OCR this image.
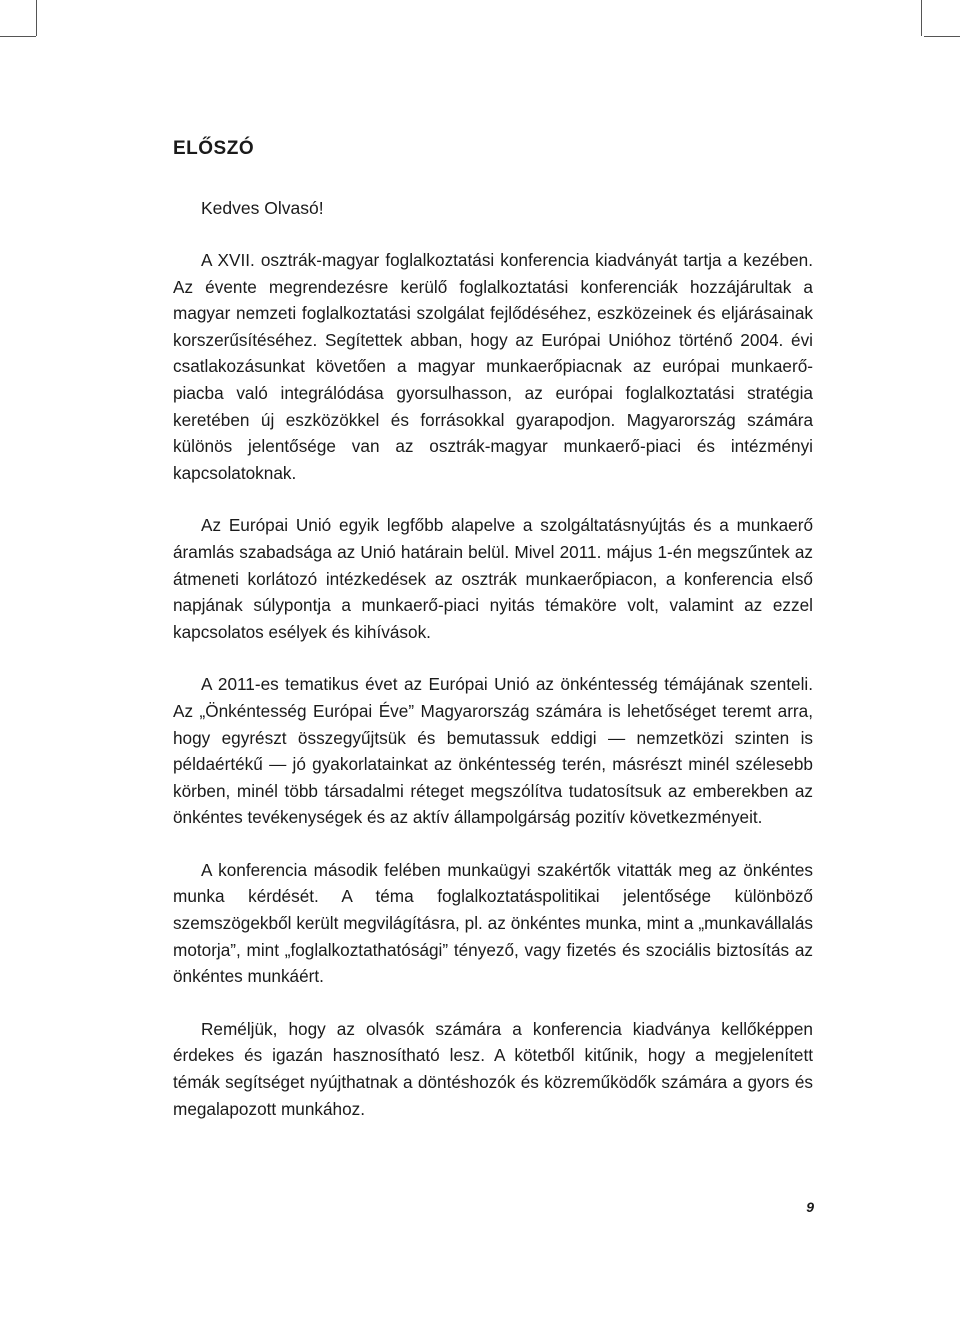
ELŐSZÓ

Kedves Olvasó!

A XVII. osztrák-magyar foglalkoztatási konferencia kiadványát tartja a kezében. Az évente megrendezésre kerülő foglalkoztatási konferenciák hozzájárultak a magyar nemzeti foglalkoztatási szolgálat fejlődéséhez, eszközeinek és eljárásainak korszerűsítéséhez. Segítettek abban, hogy az Európai Unióhoz történő 2004. évi csatlakozásunkat követően a magyar munkaerőpiacnak az európai munkaerő-piacba való integrálódása gyorsulhasson, az európai foglalkoztatási stratégia keretében új eszközökkel és forrásokkal gyarapodjon. Magyarország számára különös jelentősége van az osztrák-magyar munkaerő-piaci és intézményi kapcsolatoknak.

Az Európai Unió egyik legfőbb alapelve a szolgáltatásnyújtás és a munkaerő áramlás szabadsága az Unió határain belül. Mivel 2011. május 1-én megszűntek az átmeneti korlátozó intézkedések az osztrák munkaerőpiacon, a konferencia első napjának súlypontja a munkaerő-piaci nyitás témaköre volt, valamint az ezzel kapcsolatos esélyek és kihívások.

A 2011-es tematikus évet az Európai Unió az önkéntesség témájának szenteli. Az „Önkéntesség Európai Éve” Magyarország számára is lehetőséget teremt arra, hogy egyrészt összegyűjtsük és bemutassuk eddigi — nemzetközi szinten is példaértékű — jó gyakorlatainkat az önkéntesség terén, másrészt minél szélesebb körben, minél több társadalmi réteget megszólítva tudatosítsuk az emberekben az önkéntes tevékenységek és az aktív állampolgárság pozitív következményeit.

A konferencia második felében munkaügyi szakértők vitatták meg az önkéntes munka kérdését. A téma foglalkoztatáspolitikai jelentősége különböző szemszögekből került megvilágításra, pl. az önkéntes munka, mint a „munkavállalás motorja”, mint „foglalkoztathatósági” tényező, vagy fizetés és szociális biztosítás az önkéntes munkáért.

Reméljük, hogy az olvasók számára a konferencia kiadványa kellőképpen érdekes és igazán hasznosítható lesz. A kötetből kitűnik, hogy a megjelenített témák segítséget nyújthatnak a döntéshozók és közreműködők számára a gyors és megalapozott munkához.

9
